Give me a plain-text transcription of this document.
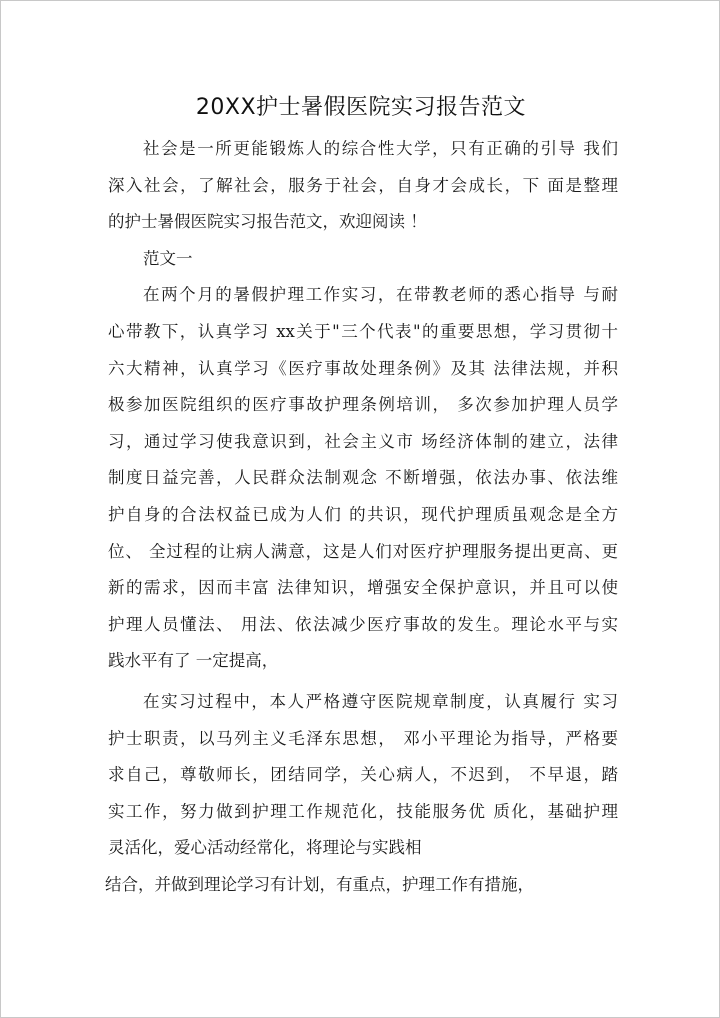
20XX护士暑假医院实习报告范文
社会是一所更能锻炼人的综合性大学，只有正确的引导 我们
深入社会，了解社会，服务于社会，自身才会成长，下 面是整理
的护士暑假医院实习报告范文，欢迎阅读 ！
范文一
在两个月的暑假护理工作实习，在带教老师的悉心指导 与耐
心带教下，认真学习 xx关于"三个代表"的重要思想，学习贯彻十
六大精神，认真学习《医疗事故处理条例》及其 法律法规，并积
极参加医院组织的医疗事故护理条例培训， 多次参加护理人员学
习，通过学习使我意识到，社会主义市 场经济体制的建立，法律
制度日益完善，人民群众法制观念 不断增强，依法办事、依法维
护自身的合法权益已成为人们 的共识，现代护理质虽观念是全方
位、 全过程的让病人满意，这是人们对医疗护理服务提出更高、更
新的需求，因而丰富 法律知识，增强安全保护意识，并且可以使
护理人员懂法、 用法、依法减少医疗事故的发生。理论水平与实
践水平有了 一定提高，
在实习过程中，本人严格遵守医院规章制度，认真履行 实习
护士职责，以马列主义毛泽东思想， 邓小平理论为指导，严格要
求自己，尊敬师长，团结同学，关心病人，不迟到， 不早退，踏
实工作，努力做到护理工作规范化，技能服务优 质化，基础护理
灵活化，爱心活动经常化，将理论与实践相
结合，并做到理论学习有计划，有重点，护理工作有措施，
